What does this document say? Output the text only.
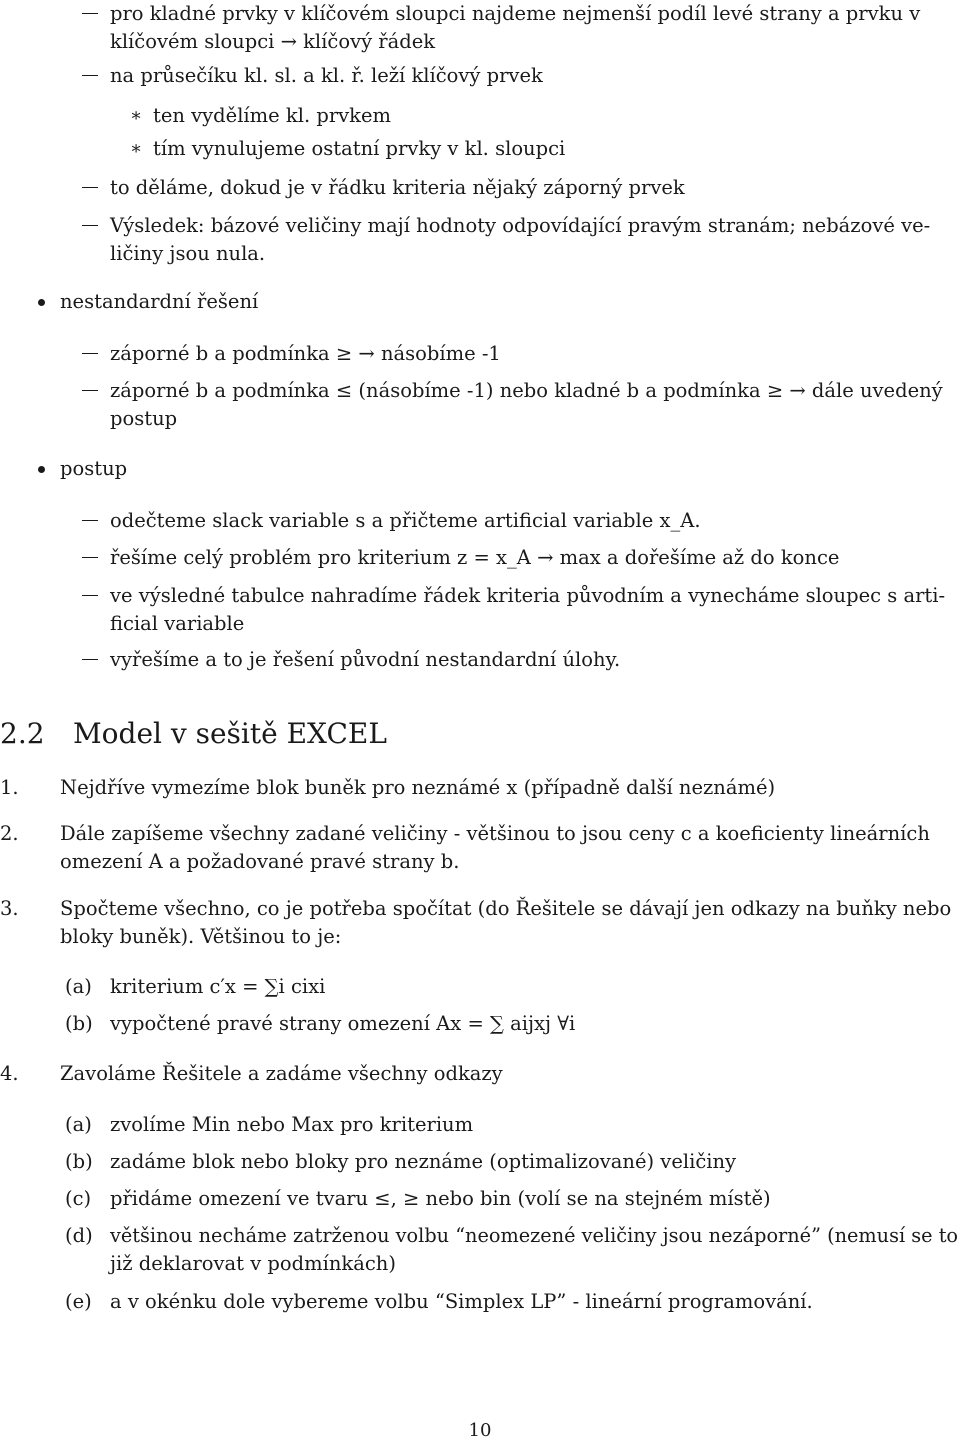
pro kladné prvky v klíčovém sloupci najdeme nejmenší podíl levé strany a prvku v
klíčovém sloupci → klíčový řádek
na průsečíku kl. sl. a kl. ř. leží klíčový prvek
∗ ten vydělíme kl. prvkem
∗ tím vynulujeme ostatní prvky v kl. sloupci
to děláme, dokud je v řádku kriteria nějaký záporný prvek
Výsledek: bázové veličiny mají hodnoty odpovídající pravým stranám; nebázové ve-
ličiny jsou nula.
nestandardní řešení
záporné b a podmínka ≥ → násobíme -1
záporné b a podmínka ≤ (násobíme -1) nebo kladné b a podmínka ≥ → dále uvedený
postup
postup
odečteme slack variable s a přičteme artificial variable x_A.
řešíme celý problém pro kriterium z = x_A → max a dořešíme až do konce
ve výsledné tabulce nahradíme řádek kriteria původním a vynecháme sloupec s arti-
ficial variable
vyřešíme a to je řešení původní nestandardní úlohy.
2.2 Model v sešitě EXCEL
1. Nejdříve vymezíme blok buněk pro neznámé x (případně další neznámé)
2. Dále zapíšeme všechny zadané veličiny - většinou to jsou ceny c a koeficienty lineárních
omezení A a požadované pravé strany b.
3. Spočteme všechno, co je potřeba spočítat (do Řešitele se dávají jen odkazy na buňky nebo
bloky buněk). Většinou to je:
(a) kriterium c′x = ∑i cixi
(b) vypočtené pravé strany omezení Ax = ∑ aijxj ∀i
4. Zavoláme Řešitele a zadáme všechny odkazy
(a) zvolíme Min nebo Max pro kriterium
(b) zadáme blok nebo bloky pro neznáme (optimalizované) veličiny
(c) přidáme omezení ve tvaru ≤, ≥ nebo bin (volí se na stejném místě)
(d) většinou necháme zatrženou volbu “neomezené veličiny jsou nezáporné” (nemusí se to
již deklarovat v podmínkách)
(e) a v okénku dole vybereme volbu “Simplex LP” - lineární programování.
10
